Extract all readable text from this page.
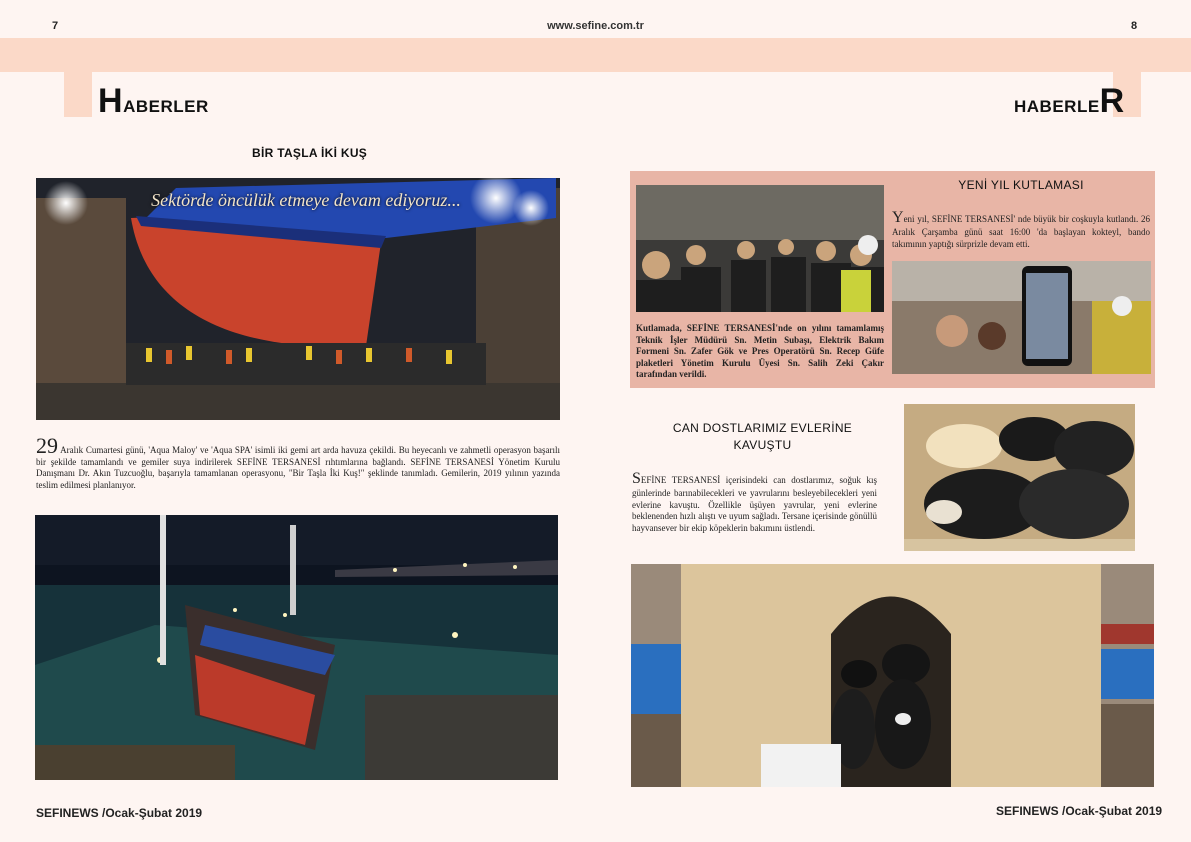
7	www.sefine.com.tr	8
HABERLER	HABERLER
BİR TAŞLA İKİ KUŞ
Sektörde öncülük etmeye devam ediyoruz...
29 Aralık Cumartesi günü, 'Aqua Maloy' ve 'Aqua SPA' isimli iki gemi art arda havuza çekildi. Bu heyecanlı ve zahmetli operasyon başarılı bir şekilde tamamlandı ve gemiler suya indirilerek SEFİNE TERSANESİ rıhtımlarına bağlandı. SEFİNE TERSANESİ Yönetim Kurulu Danışmanı Dr. Akın Tuzcuoğlu, başarıyla tamamlanan operasyonu, "Bir Taşla İki Kuş!" şeklinde tanımladı. Gemilerin, 2019 yılının yazında teslim edilmesi planlanıyor.
SEFINEWS /Ocak-Şubat 2019
YENİ YIL KUTLAMASI
Yeni yıl, SEFİNE TERSANESİ' nde büyük bir coşkuyla kutlandı. 26 Aralık Çarşamba günü saat 16:00 'da başlayan kokteyl, bando takımının yaptığı sürprizle devam etti.
Kutlamada, SEFİNE TERSANESİ'nde on yılını tamamlamış Teknik İşler Müdürü Sn. Metin Subaşı, Elektrik Bakım Formeni Sn. Zafer Gök ve Pres Operatörü Sn. Recep Güfe plaketleri Yönetim Kurulu Üyesi Sn. Salih Zeki Çakır tarafından verildi.
CAN DOSTLARIMIZ EVLERİNE
KAVUŞTU
SEFİNE TERSANESİ içerisindeki can dostlarımız, soğuk kış günlerinde barınabilecekleri ve yavrularını besleyebilecekleri yeni evlerine kavuştu. Özellikle üşüyen yavrular, yeni evlerine beklenenden hızlı alıştı ve uyum sağladı. Tersane içerisinde gönüllü hayvansever bir ekip köpeklerin bakımını üstlendi.
SEFINEWS /Ocak-Şubat 2019
